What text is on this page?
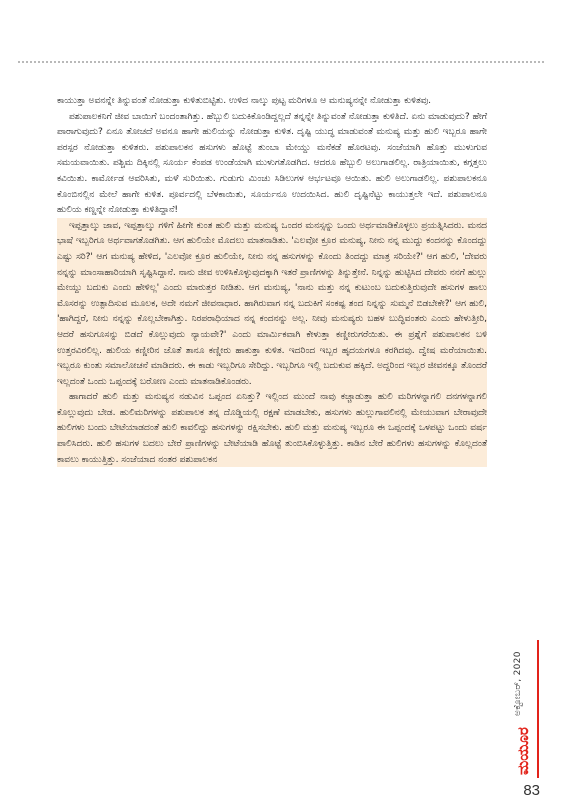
ಕಾಯುತ್ತಾ ಅವನನ್ನೇ ತಿನ್ನುವಂತೆ ನೋಡುತ್ತಾ ಕುಳಿತುಬಿಟ್ಟಿತು. ಉಳಿದ ನಾಲ್ಕು ಪುಟ್ಟ ಮರಿಗಳೂ ಆ ಮನುಷ್ಯನನ್ನೇ ನೋಡುತ್ತಾ ಕುಳಿತವು.

ಪಶುಪಾಲಕನಿಗೆ ಜೀವ ಬಾಯಿಗೆ ಬಂದಂತಾಗಿತ್ತು. ಹೆಬ್ಬುಲಿ ಬದುಕಿಕೊಂಡಿದ್ದಲ್ಲದೆ ತನ್ನನ್ನೇ ತಿನ್ನುವಂತೆ ನೋಡುತ್ತಾ ಕುಳಿತಿದೆ. ಏನು ಮಾಡುವುದು? ಹೇಗೆ ಪಾರಾಗುವುದು? ಏನೂ ತೋಚದೆ ಅವನೂ ಹಾಗೇ ಹುಲಿಯನ್ನು ನೋಡುತ್ತಾ ಕುಳಿತ. ದೃಷ್ಟಿ ಯುದ್ಧ ಮಾಡುವಂತೆ ಮನುಷ್ಯ ಮತ್ತು ಹುಲಿ ಇಬ್ಬರೂ ಹಾಗೇ ಪರಸ್ಪರ ನೋಡುತ್ತಾ ಕುಳಿತರು. ಪಶುಪಾಲಕನ ಹಸುಗಳು ಹೊಟ್ಟೆ ತುಂಬಾ ಮೇಯ್ದು ಮನೆಕಡೆ ಹೊರಟವು. ಸಂಜೆಯಾಗಿ ಹೊತ್ತು ಮುಳುಗುವ ಸಮಯವಾಯಿತು. ಪಶ್ಚಿಮ ದಿಕ್ಕಿನಲ್ಲಿ ಸೂರ್ಯ ಕೆಂಪಡ ಉಂಡೆಯಾಗಿ ಮುಳುಗತೊಡಗಿದ. ಆದರೂ ಹೆಬ್ಬುಲಿ ಅಲುಗಾಡಲಿಲ್ಲ. ರಾತ್ರಿಯಾಯಿತು, ಕಗ್ಗತ್ತಲು ಕವಿಯಿತು. ಕಾರ್ಮೋಡ ಆವರಿಸಿತು, ಮಳೆ ಸುರಿಯಿತು. ಗುಡುಗು ಮಿಂಚು ಸಿಡಿಲುಗಳ ಆರ್ಭಟವೂ ಆಯಿತು. ಹುಲಿ ಅಲುಗಾಡಲಿಲ್ಲ. ಪಶುಪಾಲಕನೂ ಕೊಂಬಿನಲ್ಲಿನ ಮೇಲೆ ಹಾಗೇ ಕುಳಿತ. ಪೂರ್ವದಲ್ಲಿ ಬೆಳಕಾಯಿತು, ಸೂರ್ಯನೂ ಉದಯಿಸಿದ. ಹುಲಿ ದೃಷ್ಟಿನೆಟ್ಟು ಕಾಯುತ್ತಲೇ ಇದೆ. ಪಶುಪಾಲನೂ ಹುಲಿಯ ಕಣ್ಣನ್ನೇ ನೋಡುತ್ತಾ ಕುಳಿತಿದ್ದಾನೆ!

ಇಪ್ಪತ್ತಾಲ್ಕು ಜಾವ, ಇಪ್ಪತ್ತಾಲ್ಕು ಗಳಿಗೆ ಹೀಗೇ ಕುಂತ ಹುಲಿ ಮತ್ತು ಮನುಷ್ಯ ಒಂದರ ಮನಸ್ಸನ್ನು ಒಂದು ಅರ್ಥಮಾಡಿಕೊಳ್ಳಲು ಪ್ರಯತ್ನಿಸಿದರು. ಮನದ ಭಾಷೆ ಇಬ್ಬರಿಗೂ ಅರ್ಥವಾಗತೊಡಗಿತು. ಆಗ ಹುಲಿಯೇ ಮೊದಲು ಮಾತನಾಡಿತು. 'ಎಲವೋ ಕ್ರೂರ ಮನುಷ್ಯ, ನೀನು ನನ್ನ ಮುದ್ದು ಕಂದನನ್ನು ಕೊಂದದ್ದು ಎಷ್ಟು ಸರಿ?' ಆಗ ಮನುಷ್ಯ ಹೇಳಿದ, 'ಎಲವೋ ಕ್ರೂರ ಹುಲಿಯೇ, ನೀನು ನನ್ನ ಹಸುಗಳನ್ನು ಕೊಂದು ತಿಂದದ್ದು ಮಾತ್ರ ಸರಿಯೇ?' ಆಗ ಹುಲಿ, 'ದೇವರು ನನ್ನನ್ನು ಮಾಂಸಾಹಾರಿಯಾಗಿ ಸೃಷ್ಟಿಸಿದ್ದಾನೆ. ನಾನು ಜೀವ ಉಳಿಸಿಕೊಳ್ಳುವುದಕ್ಕಾಗಿ ಇತರೆ ಪ್ರಾಣಿಗಳನ್ನು ತಿನ್ನುತ್ತೇನೆ. ನಿನ್ನನ್ನು ಹುಟ್ಟಿಸಿದ ದೇವರು ನನಗೆ ಹುಲ್ಲು ಮೇಯ್ದು ಬದುಕು ಎಂದು ಹೇಳಿಲ್ಲ' ಎಂದು ಮಾರುತ್ತರ ನೀಡಿತು. ಆಗ ಮನುಷ್ಯ, 'ನಾನು ಮತ್ತು ನನ್ನ ಕುಟುಂಬ ಬದುಕುತ್ತಿರುವುದೇ ಹಸುಗಳ ಹಾಲು ಮೊಸರನ್ನು ಉತ್ಪಾದಿಸುವ ಮೂಲಕ, ಅದೇ ನಮಗೆ ಜೀವನಾಧಾರ. ಹಾಗಿರುವಾಗ ನನ್ನ ಬದುಕಿಗೆ ಸಂಕಷ್ಟ ತಂದ ನಿನ್ನನ್ನು ಸುಮ್ಮನೆ ಬಿಡಬೇಕೇ?' ಆಗ ಹುಲಿ, 'ಹಾಗಿದ್ದರೆ, ನೀನು ನನ್ನನ್ನು ಕೊಲ್ಲಬೇಕಾಗಿತ್ತು. ನಿರಪರಾಧಿಯಾದ ನನ್ನ ಕಂದನನ್ನು ಅಲ್ಲ. ನೀವು ಮನುಷ್ಯರು ಬಹಳ ಬುದ್ಧಿವಂತರು ಎಂದು ಹೇಳುತ್ತೀರಿ, ಆದರೆ ಹಸುಗೂಸನ್ನು ಬಿಡದೆ ಕೊಲ್ಲುವುದು ನ್ಯಾಯವೇ?' ಎಂದು ಮಾರ್ಮಿಕವಾಗಿ ಕೇಳುತ್ತಾ ಕಣ್ಣೀರುಗರೆಯಿತು. ಈ ಪ್ರಶ್ನೆಗೆ ಪಶುಪಾಲಕನ ಬಳಿ ಉತ್ತರವಿರಲಿಲ್ಲ. ಹುಲಿಯ ಕಣ್ಣೀರಿನ ಜೊತೆ ತಾನೂ ಕಣ್ಣೀರು ಹಾಕುತ್ತಾ ಕುಳಿತ. ಇದರಿಂದ ಇಬ್ಬರ ಹೃದಯಗಳೂ ಕರಗಿದವು. ದ್ವೇಷ ಮರೆಯಾಯಿತು. ಇಬ್ಬರೂ ಕುಂತು ಸಮಾಲೋಚನೆ ಮಾಡಿದರು. ಈ ಕಾಡು ಇಬ್ಬರಿಗೂ ಸೇರಿದ್ದು. ಇಬ್ಬರಿಗೂ ಇಲ್ಲಿ ಬದುಕುವ ಹಕ್ಕಿದೆ. ಅದ್ದರಿಂದ ಇಬ್ಬರ ಜೀವನಕ್ಕೂ ತೊಂದರೆ ಇಲ್ಲದಂತೆ ಒಂದು ಒಪ್ಪಂದಕ್ಕೆ ಬರೋಣ ಎಂದು ಮಾತನಾಡಿಕೊಂಡರು.

ಹಾಗಾದರೆ ಹುಲಿ ಮತ್ತು ಮನುಷ್ಯನ ನಡುವಿನ ಒಪ್ಪಂದ ಏನಿತ್ತು? ಇಲ್ಲಿಂದ ಮುಂದೆ ನಾವು ಕಚ್ಚಾಡುತ್ತಾ ಹುಲಿ ಮರಿಗಳನ್ನಾಗಲಿ ದನಗಳನ್ನಾಗಲಿ ಕೊಲ್ಲುವುದು ಬೇಡ. ಹುಲಿಮರಿಗಳನ್ನು ಪಶುಪಾಲಕ ತನ್ನ ದೊಡ್ಡಿಯಲ್ಲಿ ರಕ್ಷಣೆ ಮಾಡಬೇಕು, ಹಸುಗಳು ಹುಲ್ಲುಗಾವಲಿನಲ್ಲಿ ಮೇಯುವಾಗ ಬೇರಾವುದೇ ಹುಲಿಗಳು ಬಂದು ಬೇಟೆಯಾಡದಂತೆ ಹುಲಿ ಕಾವಲಿದ್ದು ಹಸುಗಳನ್ನು ರಕ್ಷಿಸಬೇಕು. ಹುಲಿ ಮತ್ತು ಮನುಷ್ಯ ಇಬ್ಬರೂ ಈ ಒಪ್ಪಂದಕ್ಕೆ ಒಳಪಟ್ಟು ಒಂದು ವರ್ಷ ಪಾಲಿಸಿದರು. ಹುಲಿ ಹಸುಗಳ ಬದಲು ಬೇರೆ ಪ್ರಾಣಿಗಳನ್ನು ಬೇಟೆಯಾಡಿ ಹೊಟ್ಟೆ ತುಂಬಿಸಿಕೊಳ್ಳುತ್ತಿತ್ತು. ಕಾಡಿನ ಬೇರೆ ಹುಲಿಗಳು ಹಸುಗಳನ್ನು ಕೊಲ್ಲದಂತೆ ಕಾವಲು ಕಾಯುತ್ತಿತ್ತು. ಸಂಜೆಯಾದ ನಂತರ ಪಶುಪಾಲಕನ

ಅಕ್ಟೋಬರ್, 2020
ಮಯೂರ
83
